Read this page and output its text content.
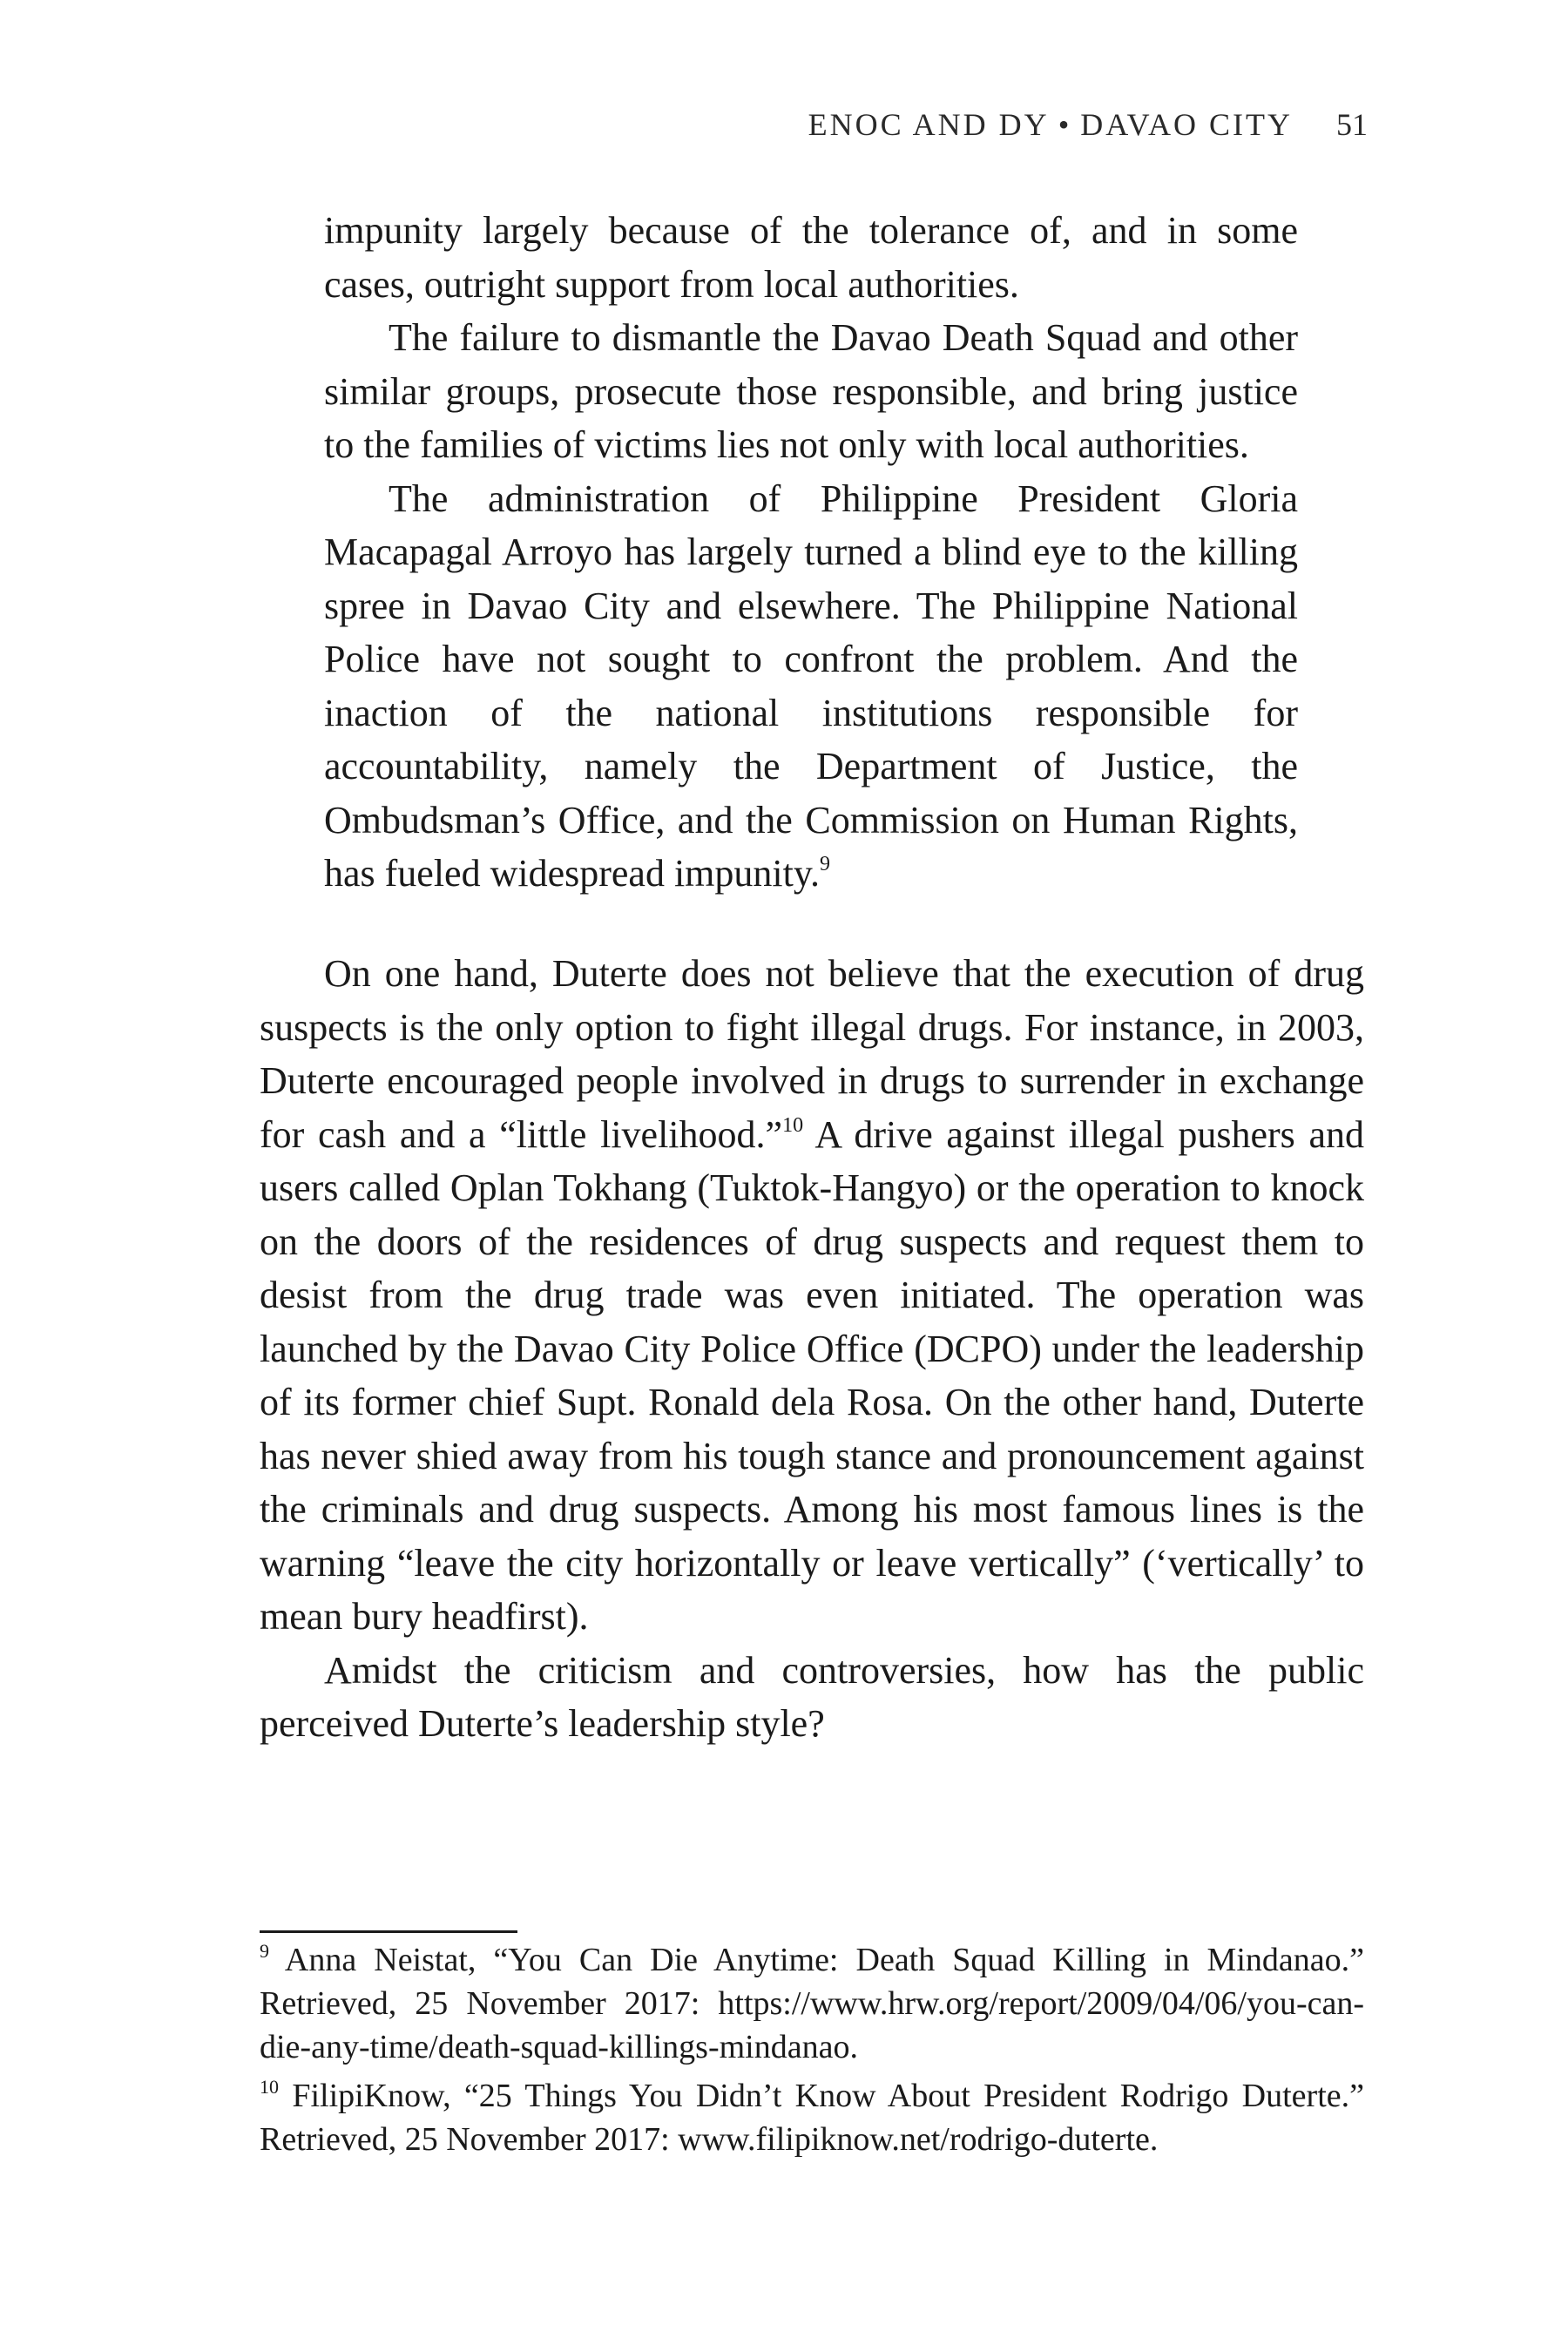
ENOC AND DY • DAVAO CITY 51

impunity largely because of the tolerance of, and in some cases, outright support from local authorities.

The failure to dismantle the Davao Death Squad and other similar groups, prosecute those responsible, and bring justice to the families of victims lies not only with local authorities.

The administration of Philippine President Gloria Macapagal Arroyo has largely turned a blind eye to the killing spree in Davao City and elsewhere. The Philippine National Police have not sought to confront the problem. And the inaction of the national institutions responsible for accountability, namely the Department of Justice, the Ombudsman’s Office, and the Commission on Human Rights, has fueled widespread impunity.$^9$

On one hand, Duterte does not believe that the execution of drug suspects is the only option to fight illegal drugs. For instance, in 2003, Duterte encouraged people involved in drugs to surrender in exchange for cash and a “little livelihood.”$^{10}$ A drive against illegal pushers and users called Oplan Tokhang (Tuktok-Hangyo) or the operation to knock on the doors of the residences of drug suspects and request them to desist from the drug trade was even initiated. The operation was launched by the Davao City Police Office (DCPO) under the leadership of its former chief Supt. Ronald dela Rosa. On the other hand, Duterte has never shied away from his tough stance and pronouncement against the criminals and drug suspects. Among his most famous lines is the warning “leave the city horizontally or leave vertically” (‘vertically’ to mean bury headfirst).

Amidst the criticism and controversies, how has the public perceived Duterte’s leadership style?

$^9$ Anna Neistat, “You Can Die Anytime: Death Squad Killing in Mindanao.” Retrieved, 25 November 2017: https://www.hrw.org/report/2009/04/06/you-can-die-any-time/death-squad-killings-mindanao.

$^{10}$ FilipiKnow, “25 Things You Didn’t Know About President Rodrigo Duterte.” Retrieved, 25 November 2017: www.filipiknow.net/rodrigo-duterte.
